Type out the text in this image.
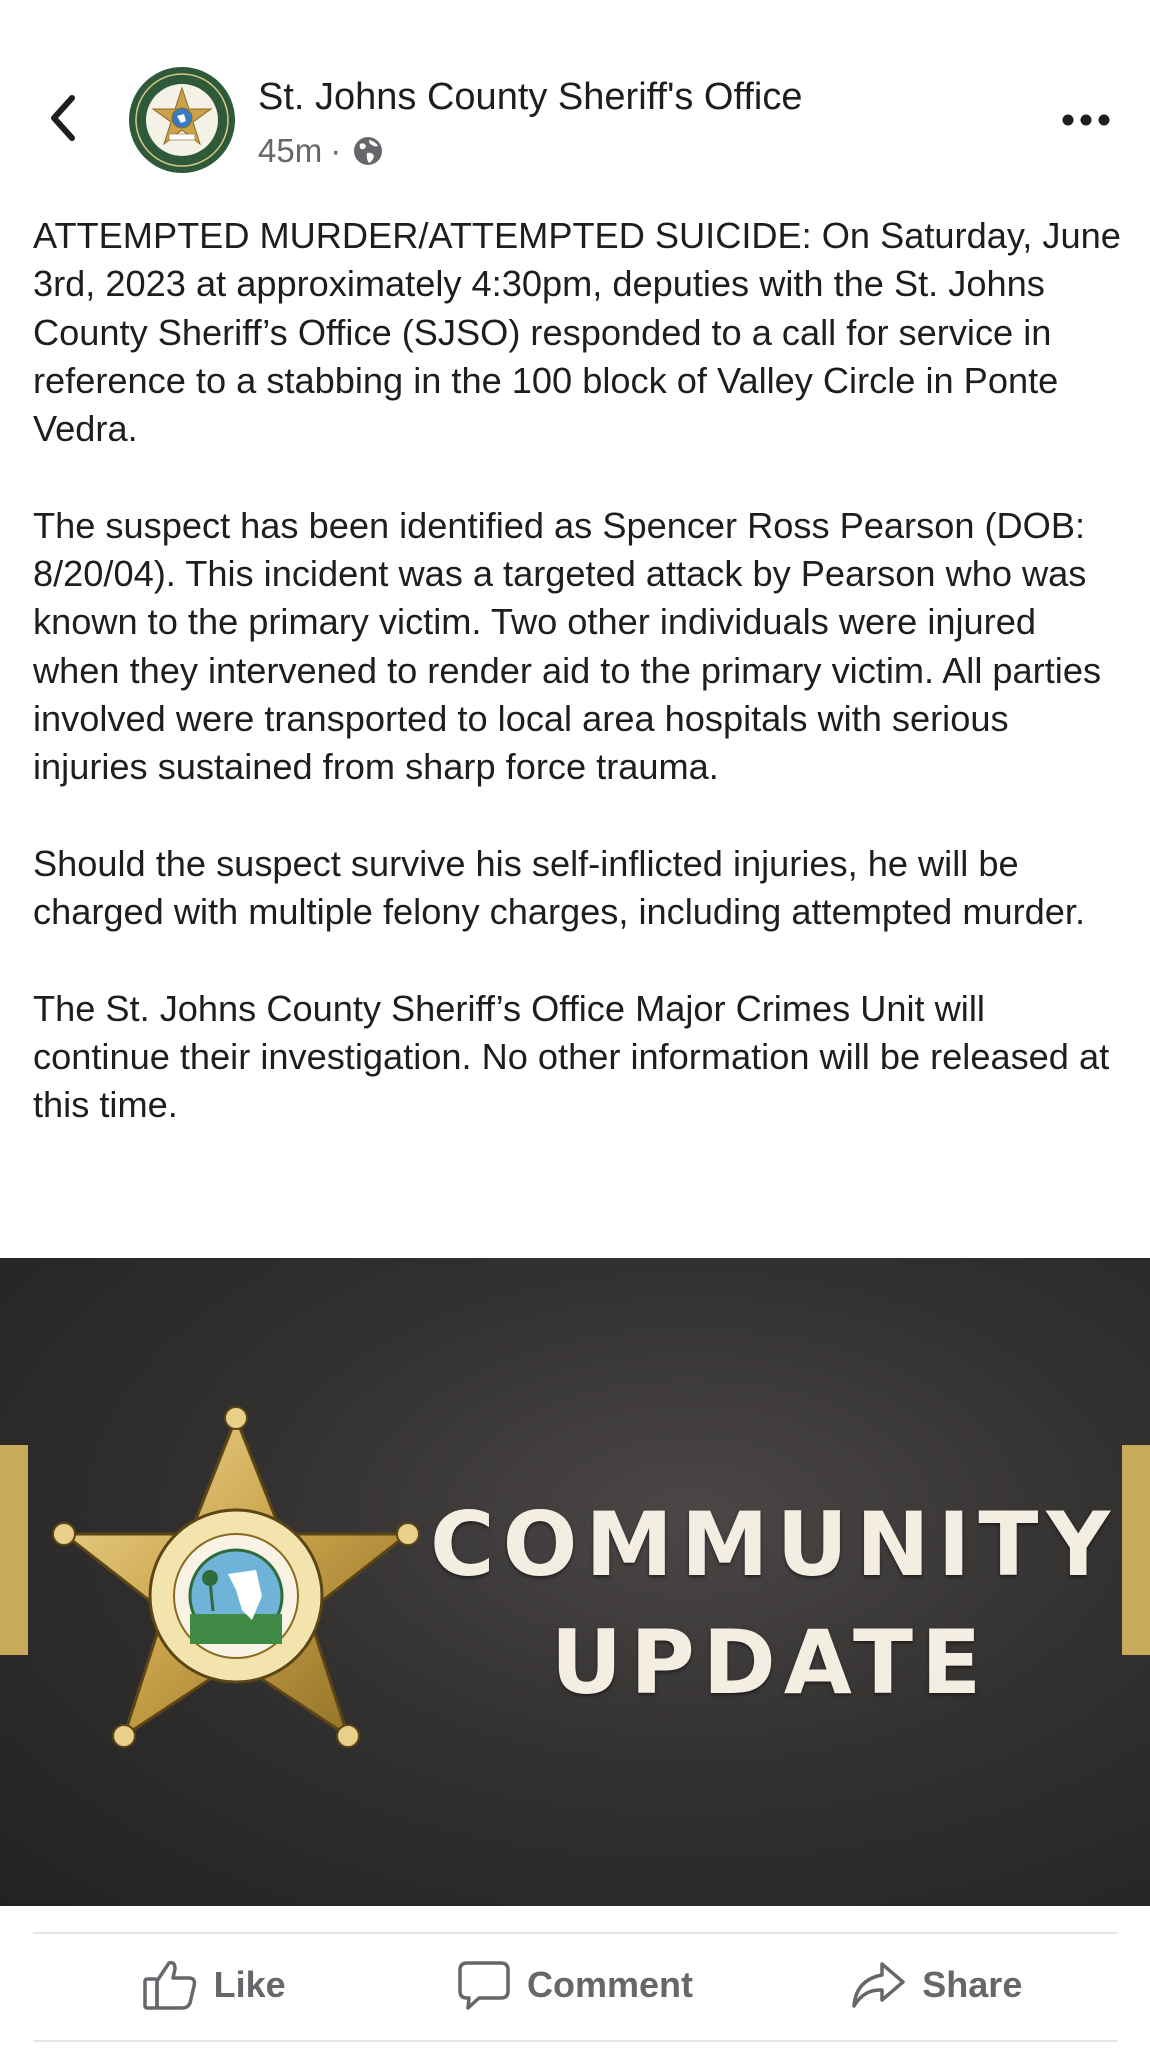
St. Johns County Sheriff's Office
45m ·

ATTEMPTED MURDER/ATTEMPTED SUICIDE: On Saturday, June 3rd, 2023 at approximately 4:30pm, deputies with the St. Johns County Sheriff’s Office (SJSO) responded to a call for service in reference to a stabbing in the 100 block of Valley Circle in Ponte Vedra.

The suspect has been identified as Spencer Ross Pearson (DOB: 8/20/04). This incident was a targeted attack by Pearson who was known to the primary victim. Two other individuals were injured when they intervened to render aid to the primary victim. All parties involved were transported to local area hospitals with serious injuries sustained from sharp force trauma.

Should the suspect survive his self-inflicted injuries, he will be charged with multiple felony charges, including attempted murder.

The St. Johns County Sheriff’s Office Major Crimes Unit will continue their investigation. No other information will be released at this time.

COMMUNITY
UPDATE
Like	Comment	Share
